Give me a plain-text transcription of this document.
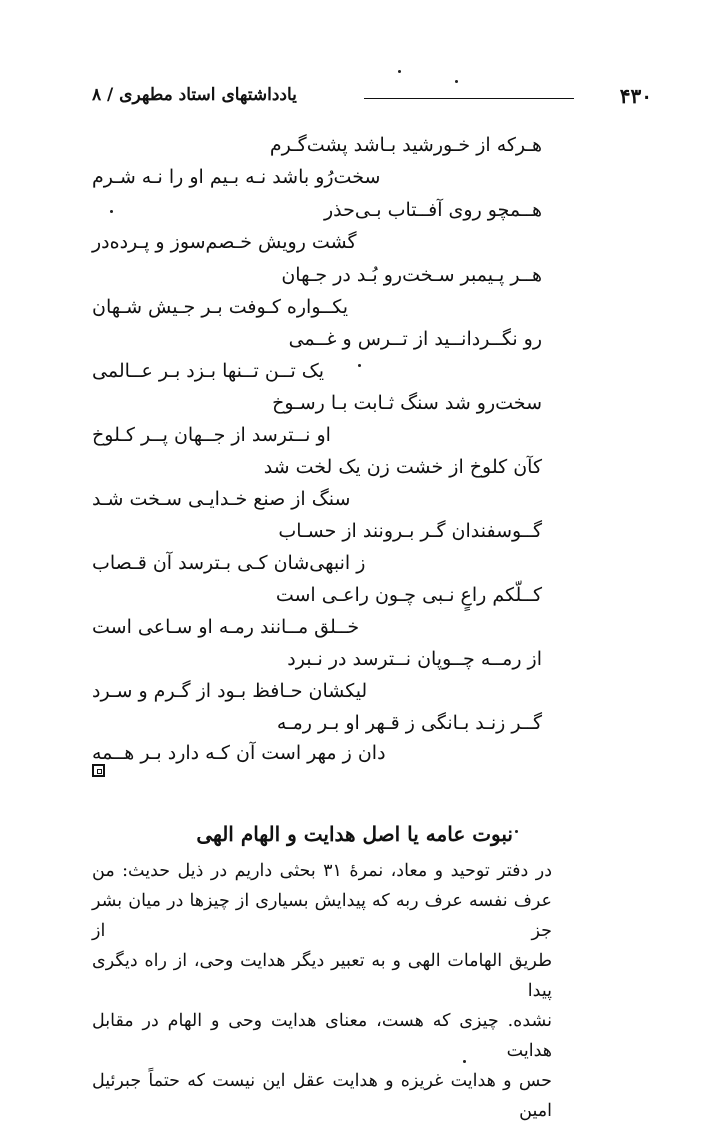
۴۳۰
یادداشتهای استاد مطهری / ۸
هـرکه از خـورشید بـاشد پشت‌گـرم
سخت‌رُو باشد نـه بـیم او را نـه شـرم
هــمچو روی آفــتاب بـی‌حذر
گشت رویش خـصم‌سوز و پـرده‌در
هــر پـیمبر سـخت‌رو بُـد در جـهان
یکــواره کـوفت بـر جـیش شـهان
رو نگــردانــید از تــرس و غــمی
یک تــن تــنها بـزد بـر عــالمی
سخت‌رو شد سنگ ثـابت بـا رسـوخ
او نــترسد از جــهان پــر کـلوخ
کآن کلوخ از خشت زن یک لخت شد
سنگ از صنع خـدایـی سـخت شـد
گــوسفندان گـر بـرونند از حسـاب
ز انبهی‌شان کـی بـترسد آن قـصاب
کــلّکم راعٍ نـبی چـون راعـی است
خــلق مــانند رمـه او سـاعی است
از رمــه چــوپان نــترسد در نـبرد
لیکشان حـافظ بـود از گـرم و سـرد
گــر زنـد بـانگی ز قـهر او بـر رمـه
دان ز مهر است آن کـه دارد بـر هــمه
نبوت عامه یا اصل هدایت و الهام الهی
در دفتر توحید و معاد، نمرهٔ ۳۱ بحثی داریم در ذیل حدیث: من
عرف نفسه عرف ربه که پیدایش بسیاری از چیزها در میان بشر جز از
طریق الهامات الهی و به تعبیر دیگر هدایت وحی، از راه دیگری پیدا
نشده. چیزی که هست، معنای هدایت وحی و الهام در مقابل هدایت
حس و هدایت غریزه و هدایت عقل این نیست که حتماً جبرئیل امین
